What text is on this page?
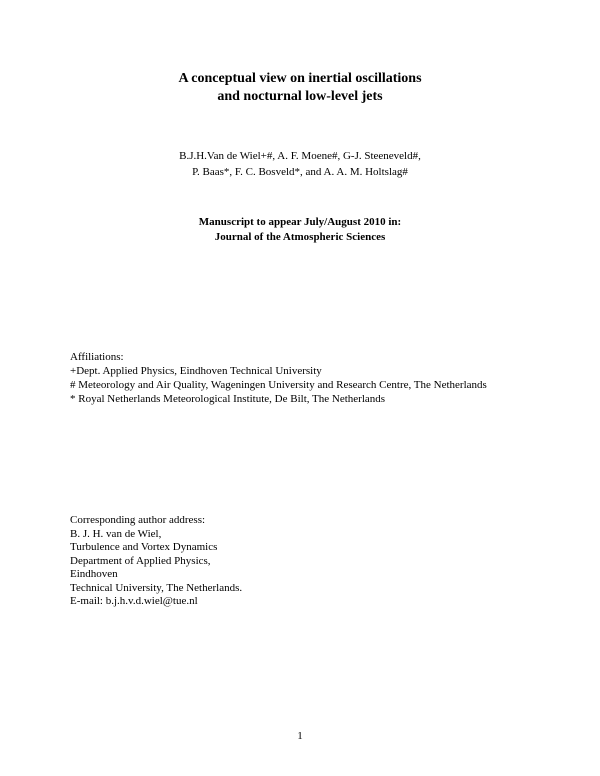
A conceptual view on inertial oscillations
and nocturnal low-level jets
B.J.H.Van de Wiel+#, A. F. Moene#, G-J. Steeneveld#,
P. Baas*, F. C. Bosveld*, and A. A. M. Holtslag#
Manuscript to appear July/August 2010 in:
Journal of the Atmospheric Sciences
Affiliations:
+Dept. Applied Physics, Eindhoven Technical University
# Meteorology and Air Quality, Wageningen University and Research Centre, The Netherlands
* Royal Netherlands Meteorological Institute, De Bilt, The Netherlands
Corresponding author address:
B. J. H. van de Wiel,
Turbulence and Vortex Dynamics
Department of Applied Physics,
Eindhoven
Technical University, The Netherlands.
E-mail: b.j.h.v.d.wiel@tue.nl
1
